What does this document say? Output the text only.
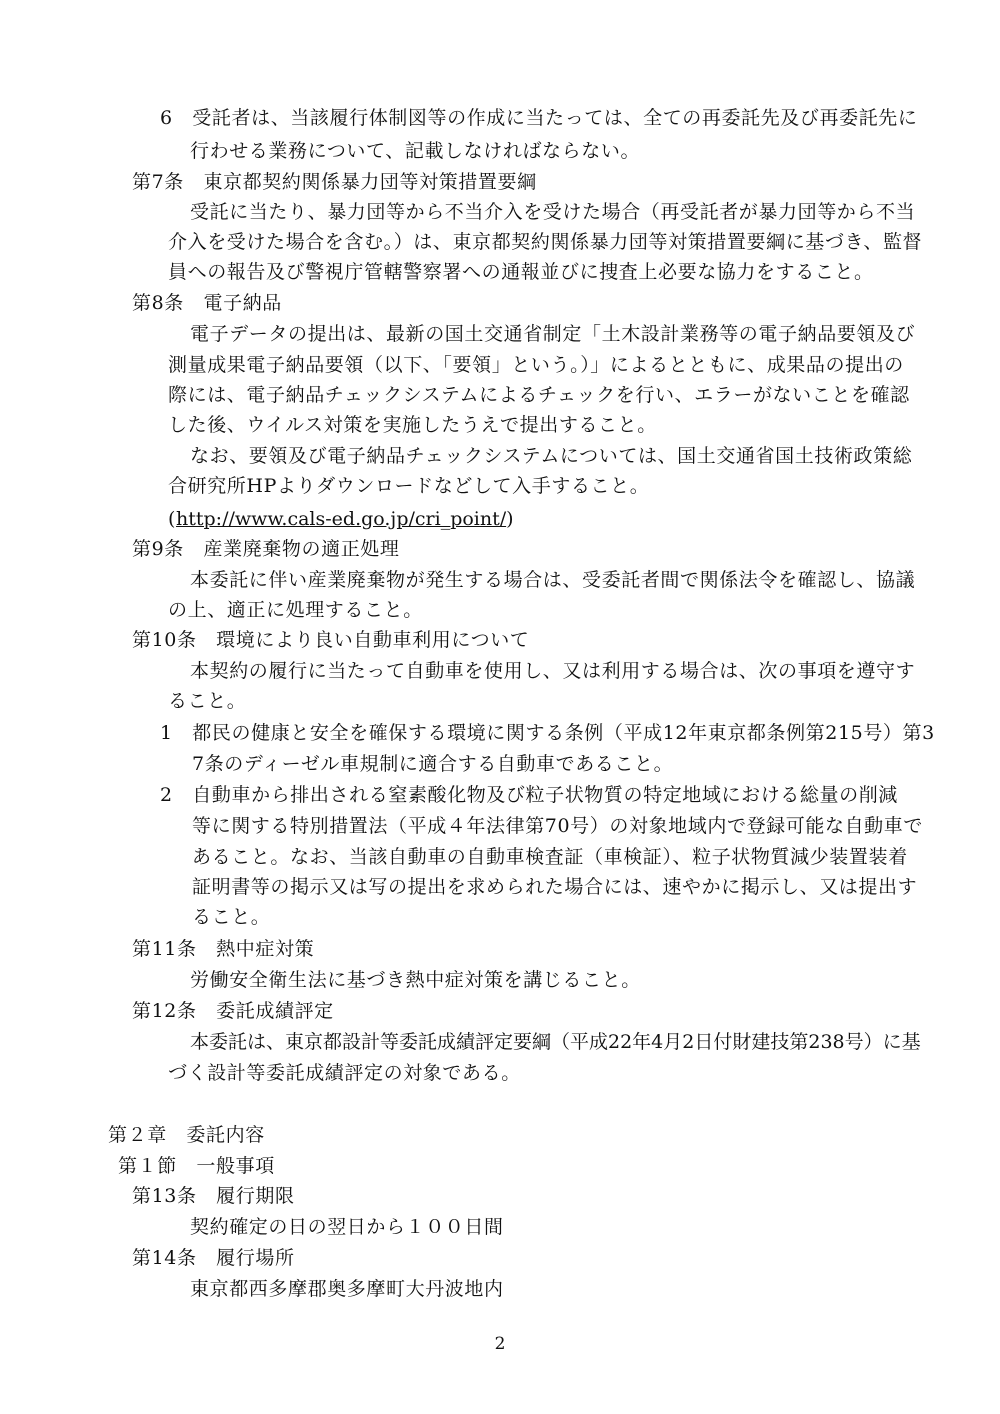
6　受託者は、当該履行体制図等の作成に当たっては、全ての再委託先及び再委託先に
行わせる業務について、記載しなければならない。
第7条　東京都契約関係暴力団等対策措置要綱
受託に当たり、暴力団等から不当介入を受けた場合（再受託者が暴力団等から不当
介入を受けた場合を含む。）は、東京都契約関係暴力団等対策措置要綱に基づき、監督
員への報告及び警視庁管轄警察署への通報並びに捜査上必要な協力をすること。
第8条　電子納品
電子データの提出は、最新の国土交通省制定「土木設計業務等の電子納品要領及び
測量成果電子納品要領（以下、「要領」という。）」によるとともに、成果品の提出の
際には、電子納品チェックシステムによるチェックを行い、エラーがないことを確認
した後、ウイルス対策を実施したうえで提出すること。
なお、要領及び電子納品チェックシステムについては、国土交通省国土技術政策総
合研究所HPよりダウンロードなどして入手すること。
(http://www.cals-ed.go.jp/cri_point/)
第9条　産業廃棄物の適正処理
本委託に伴い産業廃棄物が発生する場合は、受委託者間で関係法令を確認し、協議
の上、適正に処理すること。
第10条　環境により良い自動車利用について
本契約の履行に当たって自動車を使用し、又は利用する場合は、次の事項を遵守す
ること。
1　都民の健康と安全を確保する環境に関する条例（平成12年東京都条例第215号）第3
7条のディーゼル車規制に適合する自動車であること。
2　自動車から排出される窒素酸化物及び粒子状物質の特定地域における総量の削減
等に関する特別措置法（平成４年法律第70号）の対象地域内で登録可能な自動車で
あること。なお、当該自動車の自動車検査証（車検証）、粒子状物質減少装置装着
証明書等の掲示又は写の提出を求められた場合には、速やかに掲示し、又は提出す
ること。
第11条　熱中症対策
労働安全衛生法に基づき熱中症対策を講じること。
第12条　委託成績評定
本委託は、東京都設計等委託成績評定要綱（平成22年4月2日付財建技第238号）に基
づく設計等委託成績評定の対象である。
第２章　委託内容
第１節　一般事項
第13条　履行期限
契約確定の日の翌日から１００日間
第14条　履行場所
東京都西多摩郡奥多摩町大丹波地内
2
